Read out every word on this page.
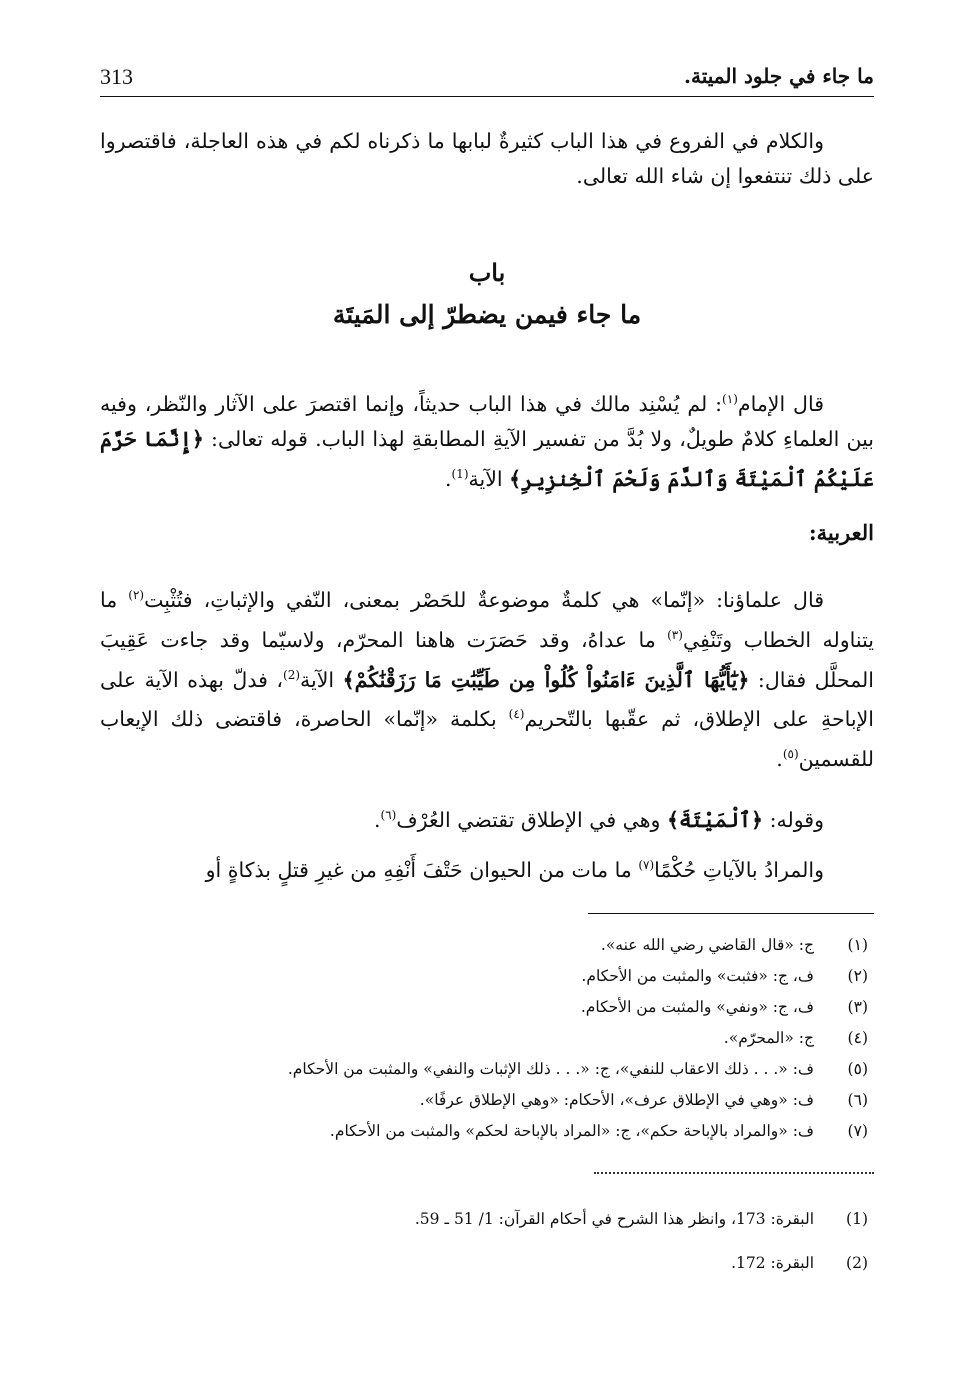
313	ما جاء في جلود الميتة.

والكلام في الفروع في هذا الباب كثيرةٌ لبابها ما ذكرناه لكم في هذه العاجلة، فاقتصروا على ذلك تنتفعوا إن شاء الله تعالى.

باب
ما جاء فيمن يضطرّ إلى المَيتَة

قال الإمام$^{(١)}$: لم يُسْنِد مالك في هذا الباب حديثاً، وإنما اقتصرَ على الآثار والنّظر، وفيه بين العلماءِ كلامٌ طويلٌ، ولا بُدَّ من تفسير الآيةِ المطابقةِ لهذا الباب. قوله تعالى: ﴿إِنَّمَا حَرَّمَ عَلَيْكُمُ ٱلْمَيْتَةَ وَٱلدَّمَ وَلَحْمَ ٱلْخِنزِيرِ﴾ الآية$^{(1)}$.

العربية:

قال علماؤنا: «إنّما» هي كلمةٌ موضوعةٌ للحَصْر بمعنى، النّفي والإثباتِ، فتُثْبِت$^{(٢)}$ ما يتناوله الخطاب وتَنْفِي$^{(٣)}$ ما عداهُ، وقد حَصَرَت هاهنا المحرّم، ولاسيّما وقد جاءت عَقِيبَ المحلَّل فقال: ﴿يَٰٓأَيُّهَا ٱلَّذِينَ ءَامَنُواْ كُلُواْ مِن طَيِّبَٰتِ مَا رَزَقْنَٰكُمْ﴾ الآية$^{(2)}$، فدلّ بهذه الآية على الإباحةِ على الإطلاق، ثم عقّبها بالتّحريم$^{(٤)}$ بكلمة «إنّما» الحاصرة، فاقتضى ذلك الإيعاب للقسمين$^{(٥)}$.

وقوله: ﴿ٱلْمَيْتَةَ﴾ وهي في الإطلاق تقتضي العُرْف$^{(٦)}$.

والمرادُ بالآياتِ حُكْمًا$^{(٧)}$ ما مات من الحيوان حَتْفَ أَنْفِهِ من غيرِ قتلٍ بذكاةٍ أو

(١)
ج: «قال القاضي رضي الله عنه».
(٢)
ف، ج: «فثبت» والمثبت من الأحكام.
(٣)
ف، ج: «ونفي» والمثبت من الأحكام.
(٤)
ج: «المحرّم».
(٥)
ف: «. . . ذلك الاعقاب للنفي»، ج: «. . . ذلك الإثبات والنفي» والمثبت من الأحكام.
(٦)
ف: «وهي في الإطلاق عرف»، الأحكام: «وهي الإطلاق عرفًا».
(٧)
ف: «والمراد بالإباحة حكم»، ج: «المراد بالإباحة لحكم» والمثبت من الأحكام.
(1)
البقرة: 173، وانظر هذا الشرح في أحكام القرآن: 1/ 51 ـ 59.
(2)
البقرة: 172.
